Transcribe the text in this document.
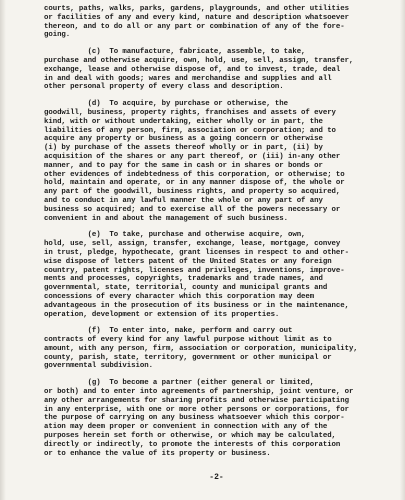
courts, paths, walks, parks, gardens, playgrounds, and other utilities
or facilities of any and every kind, nature and description whatsoever
thereon, and to do all or any part or combination of any of the fore-
going.

(c)  To manufacture, fabricate, assemble, to take,
purchase and otherwise acquire, own, hold, use, sell, assign, transfer,
exchange, lease and otherwise dispose of, and to invest, trade, deal
in and deal with goods; wares and merchandise and supplies and all
other personal property of every class and description.

(d)  To acquire, by purchase or otherwise, the
goodwill, business, property rights, franchises and assets of every
kind, with or without undertaking, either wholly or in part, the
liabilities of any person, firm, association or corporation; and to
acquire any property or business as a going concern or otherwise
(i) by purchase of the assets thereof wholly or in part, (ii) by
acquisition of the shares or any part thereof, or (iii) in-any other
manner, and to pay for the same in cash or in shares or bonds or
other evidences of indebtedness of this corporation, or otherwise; to
hold, maintain and operate, or in any manner dispose of, the whole or
any part of the goodwill, business rights, and property so acquired,
and to conduct in any lawful manner the whole or any part of any
business so acquired; and to exercise all of the powers necessary or
convenient in and about the management of such business.

(e)  To take, purchase and otherwise acquire, own,
hold, use, sell, assign, transfer, exchange, lease, mortgage, convey
in trust, pledge, hypothecate, grant licenses in respect to and other-
wise dispose of letters patent of the United States or any foreign
country, patent rights, licenses and privileges, inventions, improve-
ments and processes, copyrights, trademarks and trade names, and
governmental, state, territorial, county and municipal grants and
concessions of every character which this corporation may deem
advantageous in the prosecution of its business or in the maintenance,
operation, development or extension of its properties.

(f)  To enter into, make, perform and carry out
contracts of every kind for any lawful purpose without limit as to
amount, with any person, firm, association or corporation, municipality,
county, parish, state, territory, government or other municipal or
governmental subdivision.

(g)  To become a partner (either general or limited,
or both) and to enter into agreements of partnership, joint venture, or
any other arrangements for sharing profits and otherwise participating
in any enterprise, with one or more other persons or corporations, for
the purpose of carrying on any business whatsoever which this corpor-
ation may deem proper or convenient in connection with any of the
purposes herein set forth or otherwise, or which may be calculated,
directly or indirectly, to promote the interests of this corporation
or to enhance the value of its property or business.

-2-
